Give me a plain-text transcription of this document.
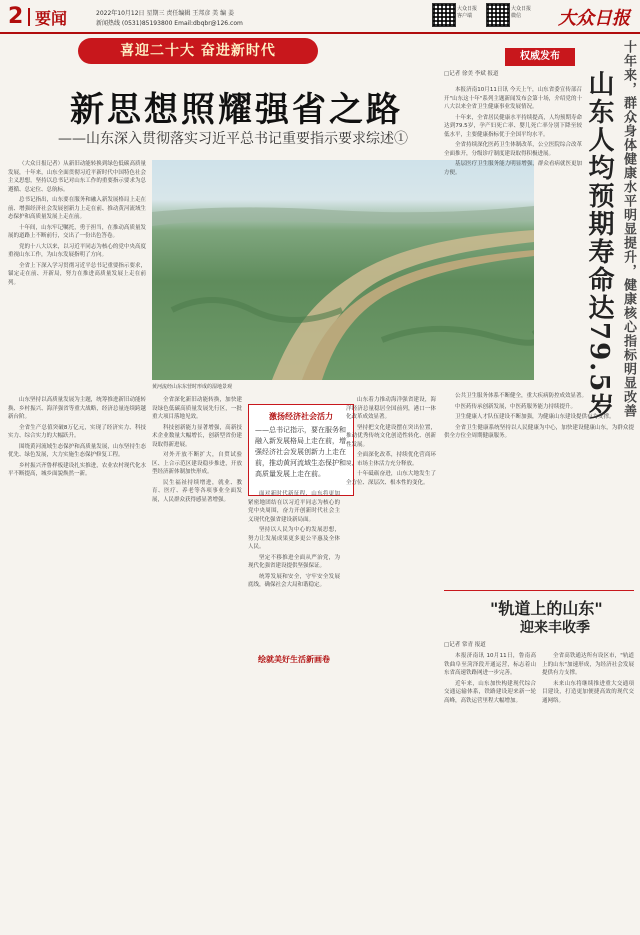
2 要闻	2022年10月12日 星期三 责任编辑 王邦彦 美 编 姜
新闻热线 (0531)85193800 Email:dbqbr@126.com
大众日报 客户端
大众日报 微信	大众日报
喜迎二十大 奋进新时代
新思想照耀强省之路
——山东深入贯彻落实习近平总书记重要指示要求综述①

（大众日报记者）从新旧动能转换到绿色低碳高质量发展，十年来，山东全面贯彻习近平新时代中国特色社会主义思想，坚持以总书记对山东工作的重要指示要求为总遵循、总定位、总航标。

总书记指出，山东要在服务和融入新发展格局上走在前、增强经济社会发展创新力上走在前、推动黄河流域生态保护和高质量发展上走在前。

十年间，山东牢记嘱托，勇于担当，在推动高质量发展的道路上不断前行，交出了一份出色答卷。

党的十八大以来，以习近平同志为核心的党中央高度重视山东工作，为山东发展指明了方向。

全省上下深入学习贯彻习近平总书记重要指示要求，锚定走在前、开新局，努力在推进高质量发展上走在前列。

黄河流经山东东营时形成的湿地景观

山东坚持以高质量发展为主题，统筹推进新旧动能转换、乡村振兴、海洋强省等重大战略，经济总量连续跨越新台阶。

全省生产总值突破8万亿元，实现了经济实力、科技实力、综合实力的大幅跃升。

围绕黄河流域生态保护和高质量发展，山东坚持生态优先、绿色发展，大力实施生态保护修复工程。

乡村振兴齐鲁样板建设扎实推进，农业农村现代化水平不断提高，城乡面貌焕然一新。

全省深化新旧动能转换，加快建设绿色低碳高质量发展先行区，一批重大项目落地见效。

科技创新能力显著增强，高新技术企业数量大幅增长，创新型省份建设取得新进展。

对外开放不断扩大，自贸试验区、上合示范区建设稳步推进，开放型经济新体制加快形成。

民生福祉持续增进，就业、教育、医疗、养老等各项事业全面发展，人民群众获得感显著增强。

激扬经济社会活力
——总书记指示，要在服务和融入新发展格局上走在前，增强经济社会发展创新力上走在前，推动黄河流域生态保护和高质量发展上走在前。

面对新时代新征程，山东将更加紧密地团结在以习近平同志为核心的党中央周围，奋力开创新时代社会主义现代化强省建设新局面。

坚持以人民为中心的发展思想，努力让发展成果更多更公平惠及全体人民。

坚定不移推进全面从严治党，为现代化强省建设提供坚强保证。

统筹发展和安全，守牢安全发展底线，确保社会大局和谐稳定。

山东着力推动海洋强省建设，海洋经济总量稳居全国前列，港口一体化改革成效显著。

坚持把文化建设摆在突出位置，推动优秀传统文化创造性转化、创新性发展。

全面深化改革，持续优化营商环境，市场主体活力充分释放。

十年砥砺奋进，山东大地发生了全方位、深层次、根本性的变化。

绘就美好生活新画卷
权威发布
山东人均预期寿命达79.5岁 十年来，群众身体健康水平明显提升，健康核心指标明显改善
□记者 徐美 李斌 报道

本报济南10月11日讯 今天上午，山东省委宣传部召开"山东这十年"系列主题新闻发布会第十场，介绍党的十八大以来全省卫生健康事业发展情况。

十年来，全省居民健康水平持续提高，人均预期寿命达到79.5岁，孕产妇死亡率、婴儿死亡率分别下降至较低水平，主要健康指标优于全国平均水平。

全省持续深化医药卫生体制改革，公立医院综合改革全面推开，分级诊疗制度建设取得积极进展。

基层医疗卫生服务能力明显增强，群众看病就医更加方便。

公共卫生服务体系不断健全，重大疾病防控成效显著。

中医药传承创新发展，中医药服务能力持续提升。

卫生健康人才队伍建设不断加强，为健康山东建设提供有力支撑。

全省卫生健康系统坚持以人民健康为中心，加快建设健康山东，为群众提供全方位全周期健康服务。

"轨道上的山东"
迎来丰收季
□记者 常青 报道

本报济南讯 10月11日，鲁南高铁曲阜至菏泽段开通运营，标志着山东省高速铁路网进一步完善。

近年来，山东加快构建现代综合交通运输体系，铁路建设迎来新一轮高峰，高铁运营里程大幅增加。

全省高铁通达所有设区市，"轨道上的山东"加速形成，为经济社会发展提供有力支撑。

未来山东将继续推进重大交通项目建设，打造更加便捷高效的现代交通网络。
